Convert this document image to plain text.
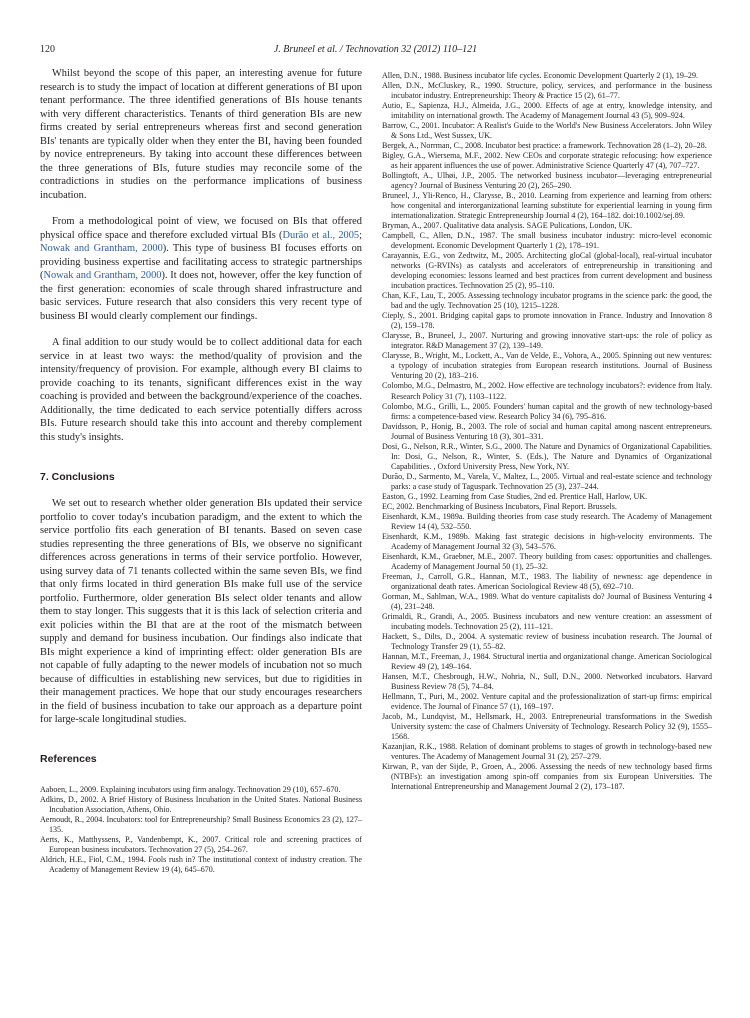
120	J. Bruneel et al. / Technovation 32 (2012) 110–121

Whilst beyond the scope of this paper, an interesting avenue for future research is to study the impact of location at different generations of BI upon tenant performance. The three identified generations of BIs house tenants with very different characteristics. Tenants of third generation BIs are new firms created by serial entrepreneurs whereas first and second generation BIs' tenants are typically older when they enter the BI, having been founded by novice entrepreneurs. By taking into account these differences between the three generations of BIs, future studies may reconcile some of the contradictions in studies on the performance implications of business incubation.

From a methodological point of view, we focused on BIs that offered physical office space and therefore excluded virtual BIs (Durão et al., 2005; Nowak and Grantham, 2000). This type of business BI focuses efforts on providing business expertise and facilitating access to strategic partnerships (Nowak and Grantham, 2000). It does not, however, offer the key function of the first generation: economies of scale through shared infrastructure and basic services. Future research that also considers this very recent type of business BI would clearly complement our findings.

A final addition to our study would be to collect additional data for each service in at least two ways: the method/quality of provision and the intensity/frequency of provision. For example, although every BI claims to provide coaching to its tenants, significant differences exist in the way coaching is provided and between the background/experience of the coaches. Additionally, the time dedicated to each service potentially differs across BIs. Future research should take this into account and thereby complement this study's insights.

7. Conclusions

We set out to research whether older generation BIs updated their service portfolio to cover today's incubation paradigm, and the extent to which the service portfolio fits each generation of BI tenants. Based on seven case studies representing the three generations of BIs, we observe no significant differences across generations in terms of their service portfolio. However, using survey data of 71 tenants collected within the same seven BIs, we find that only firms located in third generation BIs make full use of the service portfolio. Furthermore, older generation BIs select older tenants and allow them to stay longer. This suggests that it is this lack of selection criteria and exit policies within the BI that are at the root of the mismatch between supply and demand for business incubation. Our findings also indicate that BIs might experience a kind of imprinting effect: older generation BIs are not capable of fully adapting to the newer models of incubation not so much because of difficulties in establishing new services, but due to rigidities in their management practices. We hope that our study encourages researchers in the field of business incubation to take our approach as a departure point for large-scale longitudinal studies.

References
Aaboen, L., 2009. Explaining incubators using firm analogy. Technovation 29 (10), 657–670.
Adkins, D., 2002. A Brief History of Business Incubation in the United States. National Business Incubation Association, Athens, Ohio.
Aernoudt, R., 2004. Incubators: tool for Entrepreneurship? Small Business Economics 23 (2), 127–135.
Aerts, K., Matthyssens, P., Vandenbempt, K., 2007. Critical role and screening practices of European business incubators. Technovation 27 (5), 254–267.
Aldrich, H.E., Fiol, C.M., 1994. Fools rush in? The institutional context of industry creation. The Academy of Management Review 19 (4), 645–670.
Allen, D.N., 1988. Business incubator life cycles. Economic Development Quarterly 2 (1), 19–29.
Allen, D.N., McCluskey, R., 1990. Structure, policy, services, and performance in the business incubator industry. Entrepreneurship: Theory & Practice 15 (2), 61–77.
Autio, E., Sapienza, H.J., Almeida, J.G., 2000. Effects of age at entry, knowledge intensity, and imitability on international growth. The Academy of Management Journal 43 (5), 909–924.
Barrow, C., 2001. Incubator: A Realist's Guide to the World's New Business Accelerators. John Wiley & Sons Ltd., West Sussex, UK.
Bergek, A., Norrman, C., 2008. Incubator best practice: a framework. Technovation 28 (1–2), 20–28.
Bigley, G.A., Wiersema, M.F., 2002. New CEOs and corporate strategic refocusing: how experience as heir apparent influences the use of power. Administrative Science Quarterly 47 (4), 707–727.
Bollingtoft, A., Ulhøi, J.P., 2005. The networked business incubator—leveraging entrepreneurial agency? Journal of Business Venturing 20 (2), 265–290.
Bruneel, J., Yli-Renco, H., Clarysse, B., 2010. Learning from experience and learning from others: how congenital and interorganizational learning substitute for experiential learning in young firm internationalization. Strategic Entrepreneurship Journal 4 (2), 164–182. doi:10.1002/sej.89.
Bryman, A., 2007. Qualitative data analysis. SAGE Pulications, London, UK.
Campbell, C., Allen, D.N., 1987. The small business incubator industry: micro-level economic development. Economic Development Quarterly 1 (2), 178–191.
Carayannis, E.G., von Zedtwitz, M., 2005. Architecting gloCal (global-local), real-virtual incubator networks (G-RVINs) as catalysts and accelerators of entrepreneurship in transitioning and developing economies: lessons learned and best practices from current development and business incubation practices. Technovation 25 (2), 95–110.
Chan, K.F., Lau, T., 2005. Assessing technology incubator programs in the science park: the good, the bad and the ugly. Technovation 25 (10), 1215–1228.
Cieply, S., 2001. Bridging capital gaps to promote innovation in France. Industry and Innovation 8 (2), 159–178.
Clarysse, B., Bruneel, J., 2007. Nurturing and growing innovative start-ups: the role of policy as integrator. R&D Management 37 (2), 139–149.
Clarysse, B., Wright, M., Lockett, A., Van de Velde, E., Vohora, A., 2005. Spinning out new ventures: a typology of incubation strategies from European research institutions. Journal of Business Venturing 20 (2), 183–216.
Colombo, M.G., Delmastro, M., 2002. How effective are technology incubators?: evidence from Italy. Research Policy 31 (7), 1103–1122.
Colombo, M.G., Grilli, L., 2005. Founders' human capital and the growth of new technology-based firms: a competence-based view. Research Policy 34 (6), 795–816.
Davidsson, P., Honig, B., 2003. The role of social and human capital among nascent entrepreneurs. Journal of Business Venturing 18 (3), 301–331.
Dosi, G., Nelson, R.R., Winter, S.G., 2000. The Nature and Dynamics of Organizational Capabilities. In: Dosi, G., Nelson, R., Winter, S. (Eds.), The Nature and Dynamics of Organizational Capabilities. , Oxford University Press, New York, NY.
Durão, D., Sarmento, M., Varela, V., Maltez, L., 2005. Virtual and real-estate science and technology parks: a case study of Taguspark. Technovation 25 (3), 237–244.
Easton, G., 1992. Learning from Case Studies, 2nd ed. Prentice Hall, Harlow, UK.
EC, 2002. Benchmarking of Business Incubators, Final Report. Brussels.
Eisenhardt, K.M., 1989a. Building theories from case study research. The Academy of Management Review 14 (4), 532–550.
Eisenhardt, K.M., 1989b. Making fast strategic decisions in high-velocity environments. The Academy of Management Journal 32 (3), 543–576.
Eisenhardt, K.M., Graebner, M.E., 2007. Theory building from cases: opportunities and challenges. Academy of Management Journal 50 (1), 25–32.
Freeman, J., Carroll, G.R., Hannan, M.T., 1983. The liability of newness: age dependence in organizational death rates. American Sociological Review 48 (5), 692–710.
Gorman, M., Sahlman, W.A., 1989. What do venture capitalists do? Journal of Business Venturing 4 (4), 231–248.
Grimaldi, R., Grandi, A., 2005. Business incubators and new venture creation: an assessment of incubating models. Technovation 25 (2), 111–121.
Hackett, S., Dilts, D., 2004. A systematic review of business incubation research. The Journal of Technology Transfer 29 (1), 55–82.
Hannan, M.T., Freeman, J., 1984. Structural inertia and organizational change. American Sociological Review 49 (2), 149–164.
Hansen, M.T., Chesbrough, H.W., Nohria, N., Sull, D.N., 2000. Networked incubators. Harvard Business Review 78 (5), 74–84.
Hellmann, T., Puri, M., 2002. Venture capital and the professionalization of start-up firms: empirical evidence. The Journal of Finance 57 (1), 169–197.
Jacob, M., Lundqvist, M., Hellsmark, H., 2003. Entrepreneurial transformations in the Swedish University system: the case of Chalmers University of Technology. Research Policy 32 (9), 1555–1568.
Kazanjian, R.K., 1988. Relation of dominant problems to stages of growth in technology-based new ventures. The Academy of Management Journal 31 (2), 257–279.
Kirwan, P., van der Sijde, P., Groen, A., 2006. Assessing the needs of new technology based firms (NTBFs): an investigation among spin-off companies from six European Universities. The International Entrepreneurship and Management Journal 2 (2), 173–187.
